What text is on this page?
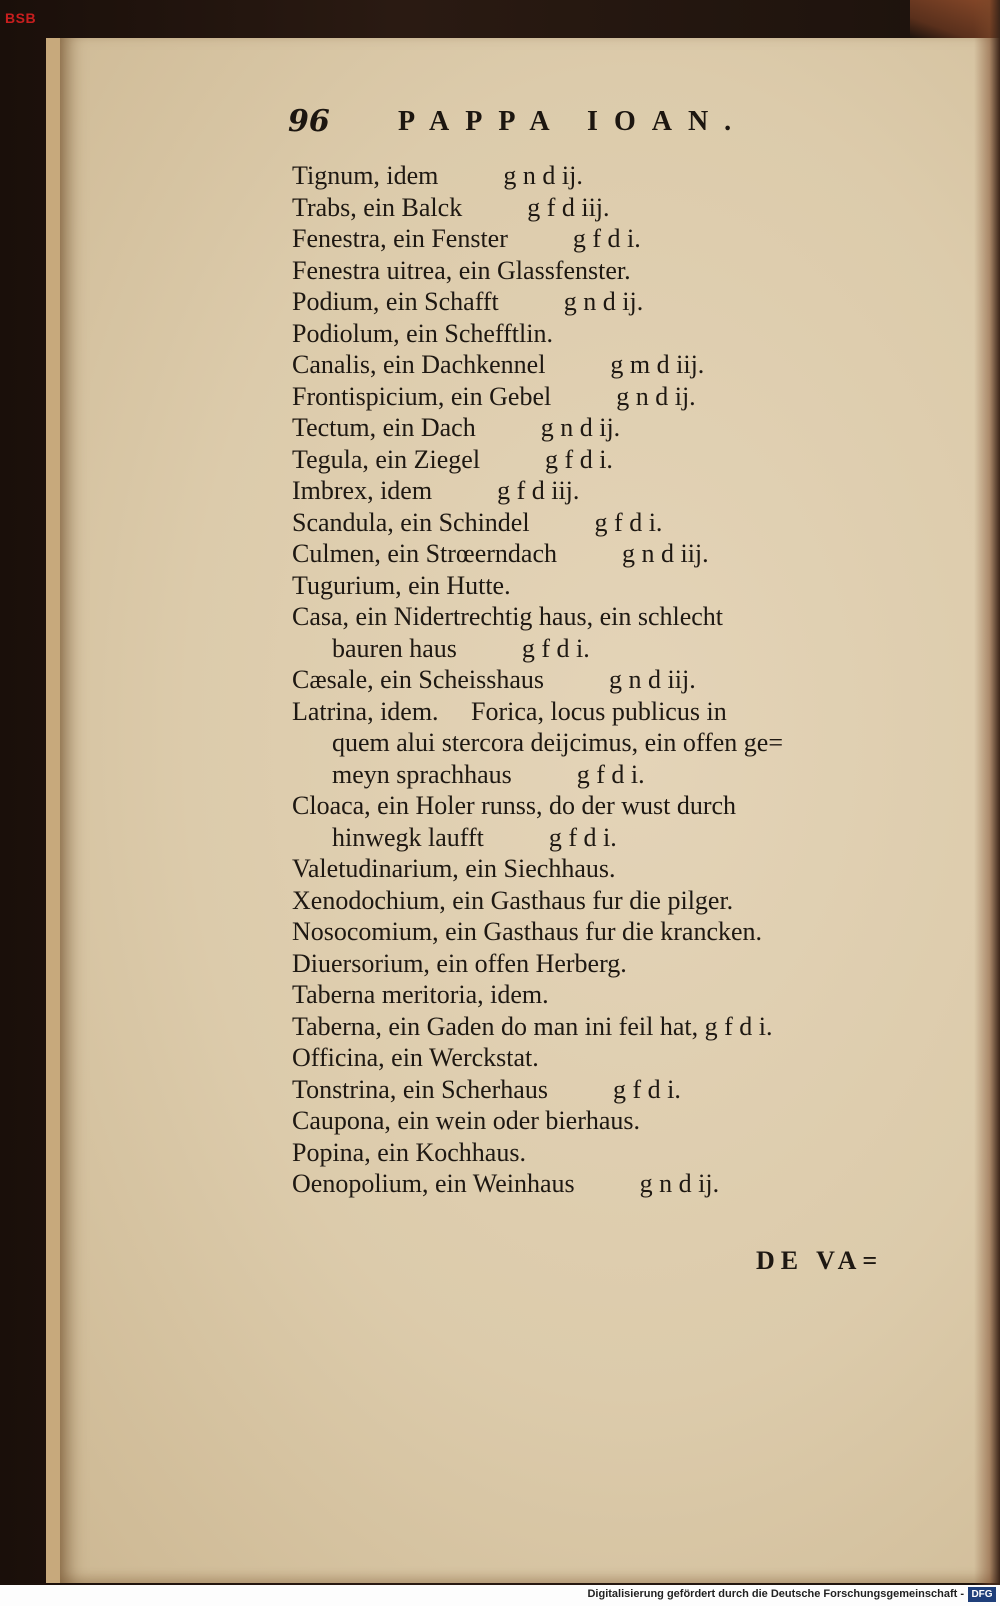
96 PAPPA IOAN.
Tignum, idem          g n d ij.
Trabs, ein Balck          g f d iij.
Fenestra, ein Fenster          g f d i.
Fenestra uitrea, ein Glassfenster.
Podium, ein Schafft          g n d ij.
Podiolum, ein Schefftlin.
Canalis, ein Dachkennel          g m d iij.
Frontispicium, ein Gebel          g n d ij.
Tectum, ein Dach          g n d ij.
Tegula, ein Ziegel          g f d i.
Imbrex, idem          g f d iij.
Scandula, ein Schindel          g f d i.
Culmen, ein Strœerndach          g n d iij.
Tugurium, ein Hutte.
Casa, ein Nidertrechtig haus, ein schlecht
bauren haus          g f d i.
Cæsale, ein Scheisshaus          g n d iij.
Latrina, idem.     Forica, locus publicus in
quem alui stercora deijcimus, ein offen ge=
meyn sprachhaus          g f d i.
Cloaca, ein Holer runss, do der wust durch
hinwegk laufft          g f d i.
Valetudinarium, ein Siechhaus.
Xenodochium, ein Gasthaus fur die pilger.
Nosocomium, ein Gasthaus fur die krancken.
Diuersorium, ein offen Herberg.
Taberna meritoria, idem.
Taberna, ein Gaden do man ini feil hat, g f d i.
Officina, ein Werckstat.
Tonstrina, ein Scherhaus          g f d i.
Caupona, ein wein oder bierhaus.
Popina, ein Kochhaus.
Oenopolium, ein Weinhaus          g n d ij.
DE VA=
BSB
Digitalisierung gefördert durch die Deutsche Forschungsgemeinschaft - DFG
